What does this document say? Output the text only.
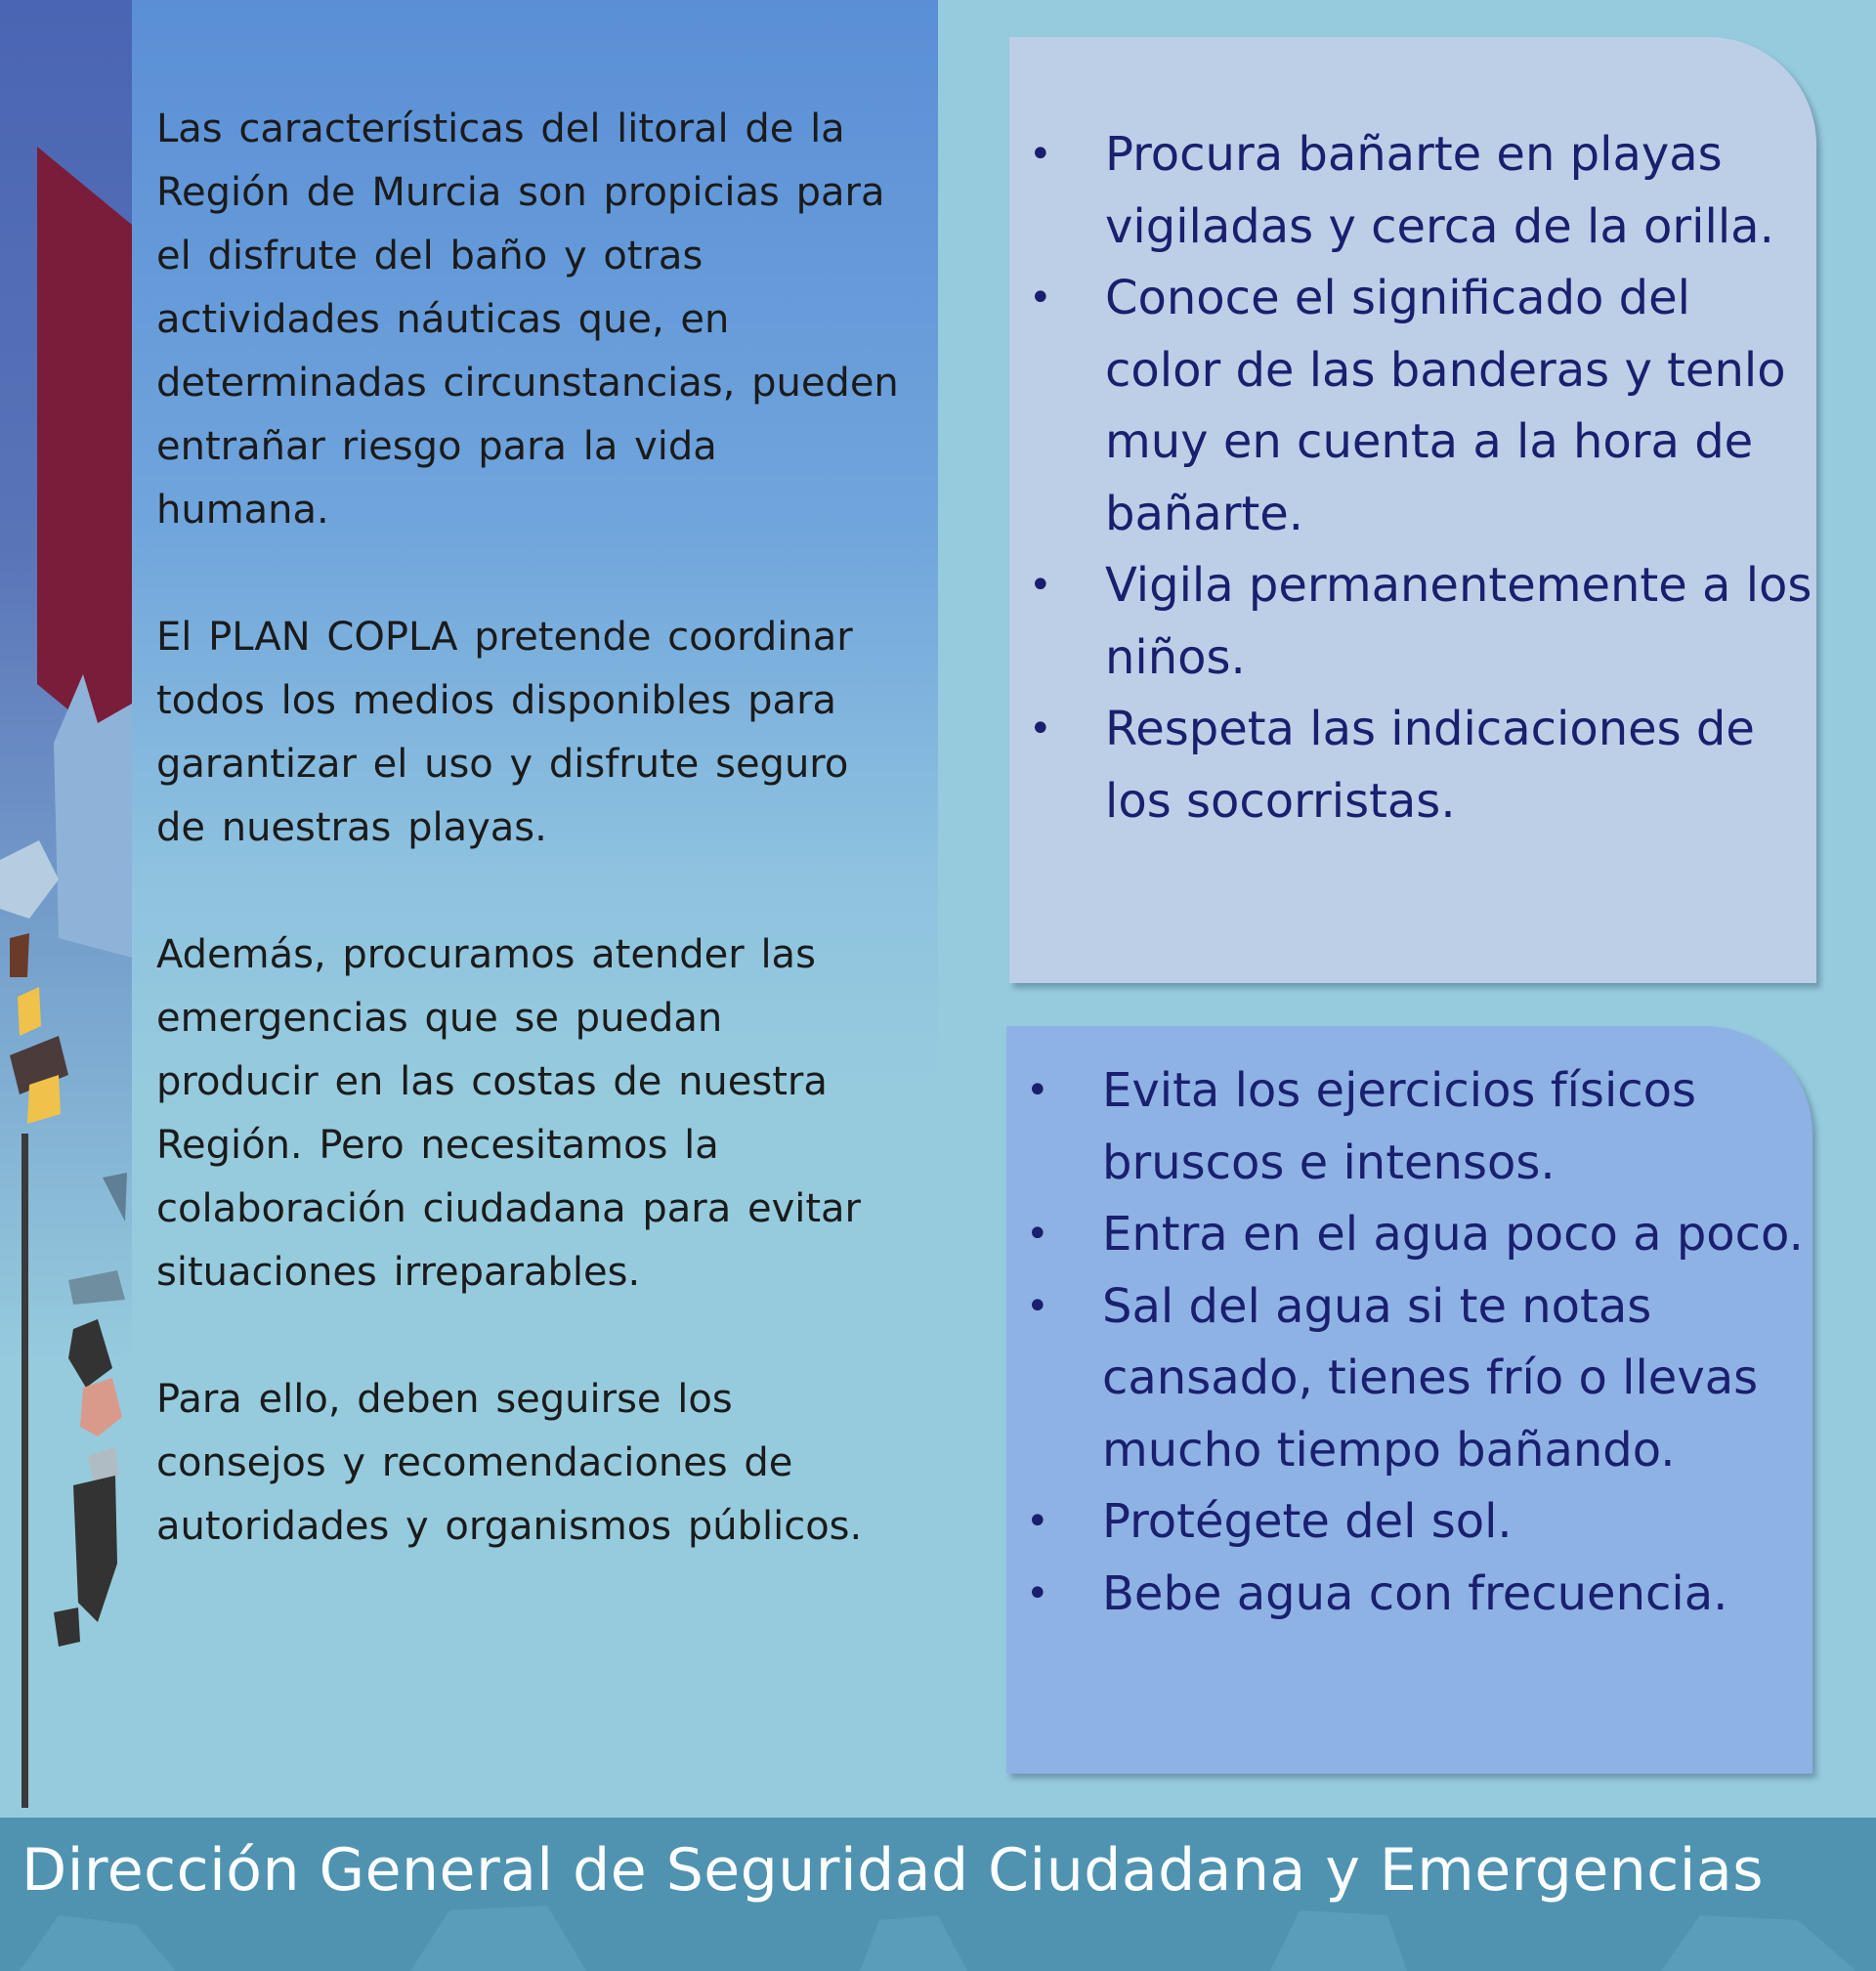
Las características del litoral de la Región de Murcia son propicias para el disfrute del baño y otras actividades náuticas que, en determinadas circunstancias, pueden entrañar riesgo para la vida humana.

El PLAN COPLA pretende coordinar todos los medios disponibles para garantizar el uso y disfrute seguro de nuestras playas.

Además, procuramos atender las emergencias que se puedan producir en las costas de nuestra Región. Pero necesitamos la colaboración ciudadana para evitar situaciones irreparables.

Para ello, deben seguirse los consejos y recomendaciones de autoridades y organismos públicos.

• Procura bañarte en playas vigiladas y cerca de la orilla.
• Conoce el significado del color de las banderas y tenlo muy en cuenta a la hora de bañarte.
• Vigila permanentemente a los niños.
• Respeta las indicaciones de los socorristas.
• Evita los ejercicios físicos bruscos e intensos.
• Entra en el agua poco a poco.
• Sal del agua si te notas cansado, tienes frío o llevas mucho tiempo bañando.
• Protégete del sol.
• Bebe agua con frecuencia.
Dirección General de Seguridad Ciudadana y Emergencias
